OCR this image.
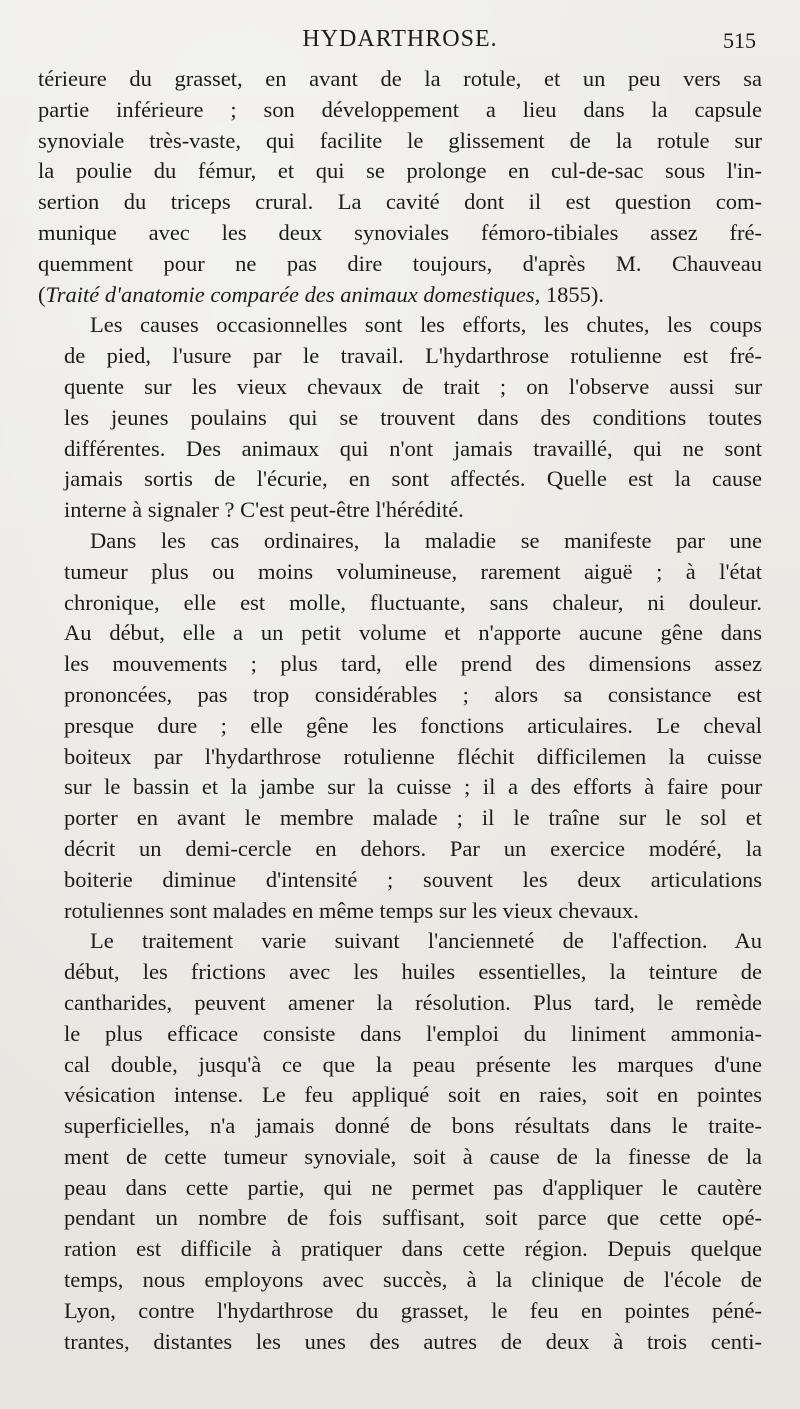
HYDARTHROSE.	515
térieure du grasset, en avant de la rotule, et un peu vers sa
partie inférieure ; son développement a lieu dans la capsule
synoviale très-vaste, qui facilite le glissement de la rotule sur
la poulie du fémur, et qui se prolonge en cul-de-sac sous l'in-
sertion du triceps crural. La cavité dont il est question com-
munique avec les deux synoviales fémoro-tibiales assez fré-
quemment pour ne pas dire toujours, d'après M. Chauveau
(Traité d'anatomie comparée des animaux domestiques, 1855).
Les causes occasionnelles sont les efforts, les chutes, les coups
de pied, l'usure par le travail. L'hydarthrose rotulienne est fré-
quente sur les vieux chevaux de trait ; on l'observe aussi sur
les jeunes poulains qui se trouvent dans des conditions toutes
différentes. Des animaux qui n'ont jamais travaillé, qui ne sont
jamais sortis de l'écurie, en sont affectés. Quelle est la cause
interne à signaler ? C'est peut-être l'hérédité.
Dans les cas ordinaires, la maladie se manifeste par une
tumeur plus ou moins volumineuse, rarement aiguë ; à l'état
chronique, elle est molle, fluctuante, sans chaleur, ni douleur.
Au début, elle a un petit volume et n'apporte aucune gêne dans
les mouvements ; plus tard, elle prend des dimensions assez
prononcées, pas trop considérables ; alors sa consistance est
presque dure ; elle gêne les fonctions articulaires. Le cheval
boiteux par l'hydarthrose rotulienne fléchit difficilemen la cuisse
sur le bassin et la jambe sur la cuisse ; il a des efforts à faire pour
porter en avant le membre malade ; il le traîne sur le sol et
décrit un demi-cercle en dehors. Par un exercice modéré, la
boiterie diminue d'intensité ; souvent les deux articulations
rotuliennes sont malades en même temps sur les vieux chevaux.
Le traitement varie suivant l'ancienneté de l'affection. Au
début, les frictions avec les huiles essentielles, la teinture de
cantharides, peuvent amener la résolution. Plus tard, le remède
le plus efficace consiste dans l'emploi du liniment ammonia-
cal double, jusqu'à ce que la peau présente les marques d'une
vésication intense. Le feu appliqué soit en raies, soit en pointes
superficielles, n'a jamais donné de bons résultats dans le traite-
ment de cette tumeur synoviale, soit à cause de la finesse de la
peau dans cette partie, qui ne permet pas d'appliquer le cautère
pendant un nombre de fois suffisant, soit parce que cette opé-
ration est difficile à pratiquer dans cette région. Depuis quelque
temps, nous employons avec succès, à la clinique de l'école de
Lyon, contre l'hydarthrose du grasset, le feu en pointes péné-
trantes, distantes les unes des autres de deux à trois centi-
